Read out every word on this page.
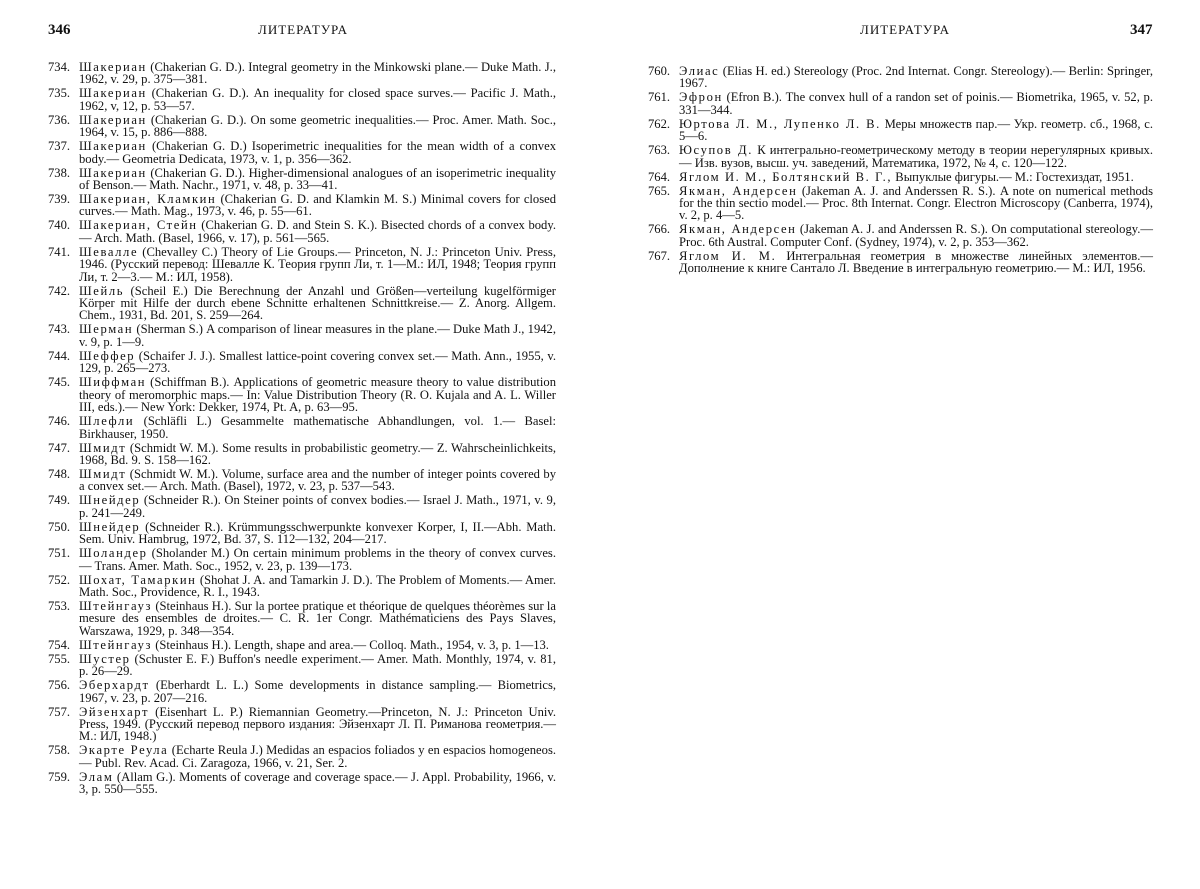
346	ЛИТЕРАТУРА
734. Шакериан (Chakerian G. D.). Integral geometry in the Minkowski plane.— Duke Math. J., 1962, v. 29, p. 375—381.
735. Шакериан (Chakerian G. D.). An inequality for closed space surves.— Pacific J. Math., 1962, v, 12, p. 53—57.
736. Шакериан (Chakerian G. D.). On some geometric inequalities.— Proc. Amer. Math. Soc., 1964, v. 15, p. 886—888.
737. Шакериан (Chakerian G. D.) Isoperimetric inequalities for the mean width of a convex body.— Geometria Dedicata, 1973, v. 1, p. 356—362.
738. Шакериан (Chakerian G. D.). Higher-dimensional analogues of an isoperimetric inequality of Benson.— Math. Nachr., 1971, v. 48, p. 33—41.
739. Шакериан, Кламкин (Chakerian G. D. and Klamkin M. S.) Minimal covers for closed curves.— Math. Mag., 1973, v. 46, p. 55—61.
740. Шакериан, Стейн (Chakerian G. D. and Stein S. K.). Bisected chords of a convex body.— Arch. Math. (Basel, 1966, v. 17), p. 561—565.
741. Шевалле (Chevalley C.) Theory of Lie Groups.— Princeton, N. J.: Princeton Univ. Press, 1946. (Русский перевод: Шевалле К. Теория групп Ли, т. 1—М.: ИЛ, 1948; Теория групп Ли, т. 2—3.— М.: ИЛ, 1958).
742. Шейль (Scheil E.) Die Berechnung der Anzahl und Größen—verteilung kugelförmiger Körper mit Hilfe der durch ebene Schnitte erhaltenen Schnittkreise.— Z. Anorg. Allgem. Chem., 1931, Bd. 201, S. 259—264.
743. Шерман (Sherman S.) A comparison of linear measures in the plane.— Duke Math J., 1942, v. 9, p. 1—9.
744. Шеффер (Schaifer J. J.). Smallest lattice-point covering convex set.— Math. Ann., 1955, v. 129, p. 265—273.
745. Шиффман (Schiffman B.). Applications of geometric measure theory to value distribution theory of meromorphic maps.— In: Value Distribution Theory (R. O. Kujala and A. L. Willer III, eds.).— New York: Dekker, 1974, Pt. A, p. 63—95.
746. Шлефли (Schläfli L.) Gesammelte mathematische Abhandlungen, vol. 1.— Basel: Birkhauser, 1950.
747. Шмидт (Schmidt W. M.). Some results in probabilistic geometry.— Z. Wahrscheinlichkeits, 1968, Bd. 9. S. 158—162.
748. Шмидт (Schmidt W. M.). Volume, surface area and the number of integer points covered by a convex set.— Arch. Math. (Basel), 1972, v. 23, p. 537—543.
749. Шнейдер (Schneider R.). On Steiner points of convex bodies.— Israel J. Math., 1971, v. 9, p. 241—249.
750. Шнейдер (Schneider R.). Krümmungsschwerpunkte konvexer Korper, I, II.—Abh. Math. Sem. Univ. Hambrug, 1972, Bd. 37, S. 112—132, 204—217.
751. Шоландер (Sholander M.) On certain minimum problems in the theory of convex curves.— Trans. Amer. Math. Soc., 1952, v. 23, p. 139—173.
752. Шохат, Тамаркин (Shohat J. A. and Tamarkin J. D.). The Problem of Moments.— Amer. Math. Soc., Providence, R. I., 1943.
753. Штейнгауз (Steinhaus H.). Sur la portee pratique et théorique de quelques théorèmes sur la mesure des ensembles de droites.— C. R. 1er Congr. Mathématiciens des Pays Slaves, Warszawa, 1929, p. 348—354.
754. Штейнгауз (Steinhaus H.). Length, shape and area.— Colloq. Math., 1954, v. 3, p. 1—13.
755. Шустер (Schuster E. F.) Buffon's needle experiment.— Amer. Math. Monthly, 1974, v. 81, p. 26—29.
756. Эберхардт (Eberhardt L. L.) Some developments in distance sampling.— Biometrics, 1967, v. 23, p. 207—216.
757. Эйзенхарт (Eisenhart L. P.) Riemannian Geometry.—Princeton, N. J.: Princeton Univ. Press, 1949. (Русский перевод первого издания: Эйзенхарт Л. П. Риманова геометрия.— М.: ИЛ, 1948.)
758. Экарте Реула (Echarte Reula J.) Medidas an espacios foliados y en espacios homogeneos.— Publ. Rev. Acad. Ci. Zaragoza, 1966, v. 21, Ser. 2.
759. Элам (Allam G.). Moments of coverage and coverage space.— J. Appl. Probability, 1966, v. 3, p. 550—555.
ЛИТЕРАТУРА	347
760. Элиас (Elias H. ed.) Stereology (Proc. 2nd Internat. Congr. Stereology).— Berlin: Springer, 1967.
761. Эфрон (Efron B.). The convex hull of a randon set of poinis.— Biometrika, 1965, v. 52, p. 331—344.
762. Юртова Л. М., Лупенко Л. В. Меры множеств пар.— Укр. геометр. сб., 1968, с. 5—6.
763. Юсупов Д. К интегрально-геометрическому методу в теории нерегулярных кривых.— Изв. вузов, высш. уч. заведений, Математика, 1972, № 4, с. 120—122.
764. Яглом И. М., Болтянский В. Г., Выпуклые фигуры.— М.: Гостехиздат, 1951.
765. Якман, Андерсен (Jakeman A. J. and Anderssen R. S.). A note on numerical methods for the thin sectio model.— Proc. 8th Internat. Congr. Electron Microscopy (Canberra, 1974), v. 2, p. 4—5.
766. Якман, Андерсен (Jakeman A. J. and Anderssen R. S.). On computational stereology.— Proc. 6th Austral. Computer Conf. (Sydney, 1974), v. 2, p. 353—362.
767. Яглом И. М. Интегральная геометрия в множестве линейных элементов.— Дополнение к книге Сантало Л. Введение в интегральную геометрию.— М.: ИЛ, 1956.
